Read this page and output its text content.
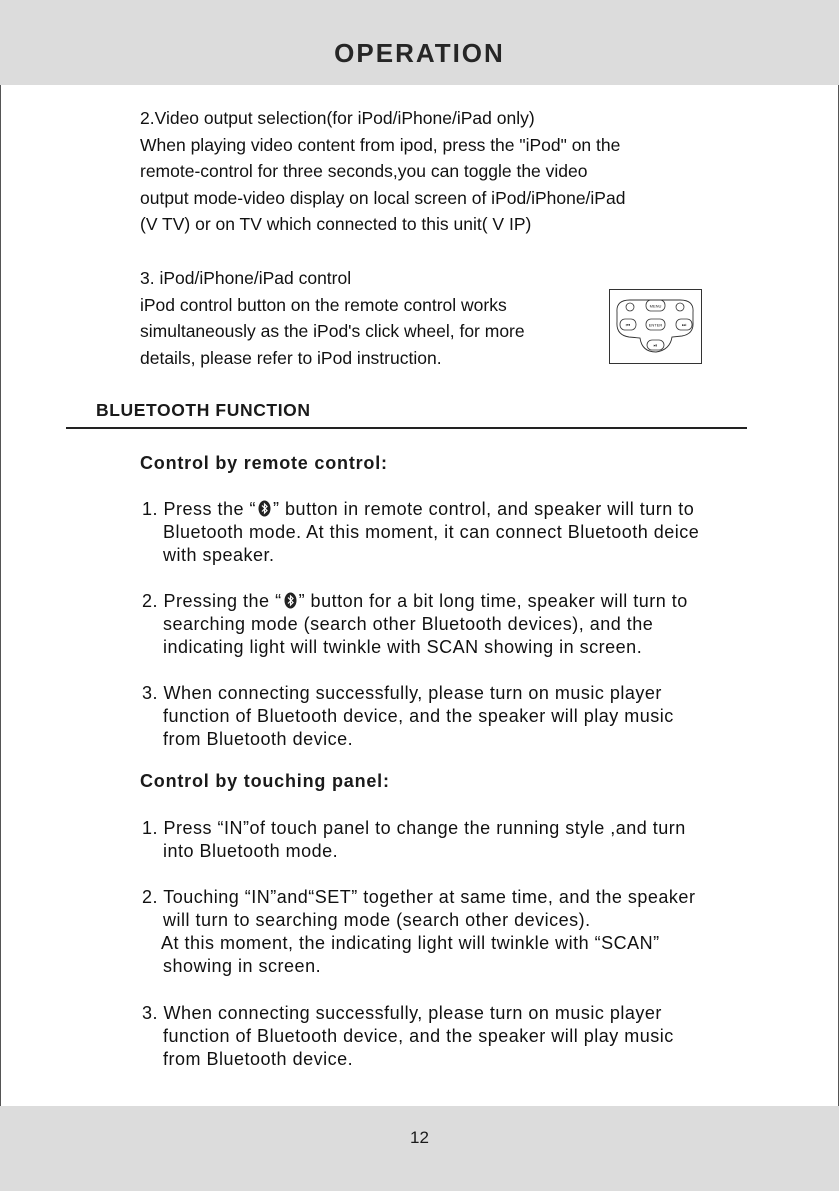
OPERATION

2.Video output selection(for iPod/iPhone/iPad only)

When playing video content from ipod, press the "iPod" on the

remote-control for three seconds,you can toggle the video

output mode-video display on local screen of iPod/iPhone/iPad

(V TV) or on TV which connected to this unit( V IP)

3. iPod/iPhone/iPad control

iPod control button on the remote control works

simultaneously as the iPod's click wheel, for more

details, please refer to iPod instruction.

MENU
⏮	ENTER	⏭
⏯
BLUETOOTH FUNCTION
Control by remote control:
1. Press the “ ” button in remote control, and speaker will turn to
Bluetooth mode. At this moment, it can connect Bluetooth deice
with speaker.
2. Pressing the “ ” button for a bit long time, speaker will turn to
searching mode (search other Bluetooth devices), and the
indicating light will twinkle with SCAN showing in screen.
3. When connecting successfully, please turn on music player
function of Bluetooth device, and the speaker will play music
from Bluetooth device.
Control by touching panel:
1. Press “IN”of touch panel to change the running style ,and turn
into Bluetooth mode.
2. Touching “IN”and“SET” together at same time, and the speaker
will turn to searching mode (search other devices).
At this moment, the indicating light will twinkle with “SCAN”
showing in screen.
3. When connecting successfully, please turn on music player
function of Bluetooth device, and the speaker will play music
from Bluetooth device.
12
